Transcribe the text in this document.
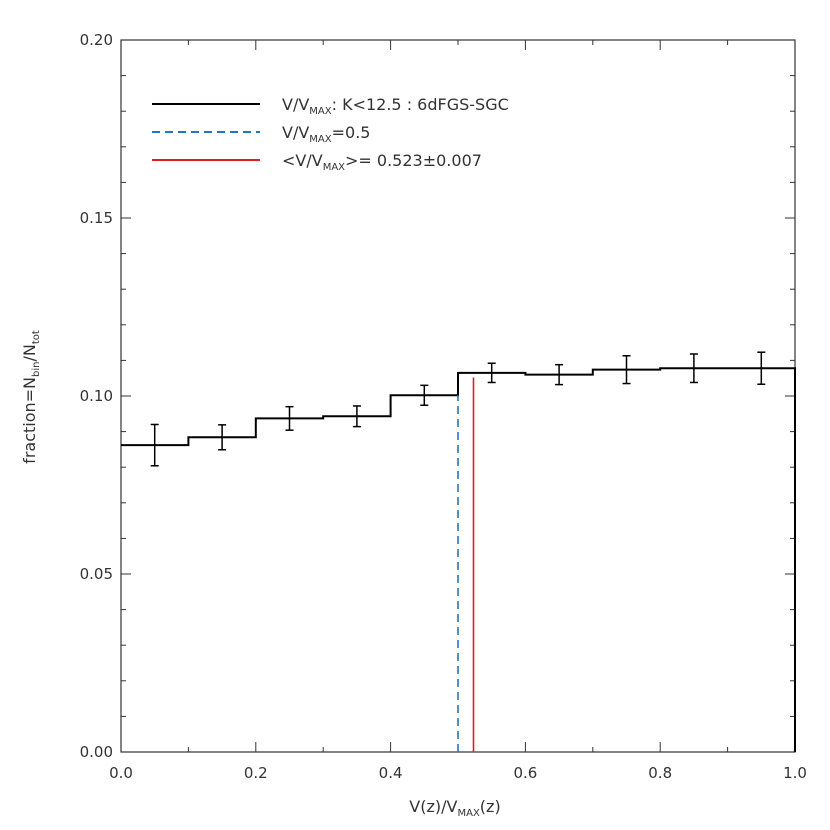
0.0	0.2	0.4	0.6	0.8	1.0
0.00
0.05
0.10
0.15
0.20
$V/V_{MAX}$: K<12.5 : 6dFGS-SGC
$V/V_{MAX}=0.5$
$<V/V_{MAX}>= 0.523\pm 0.007$
$V(z)/V_{MAX}(z)$
$fraction=N_{bin}/N_{tot}$
